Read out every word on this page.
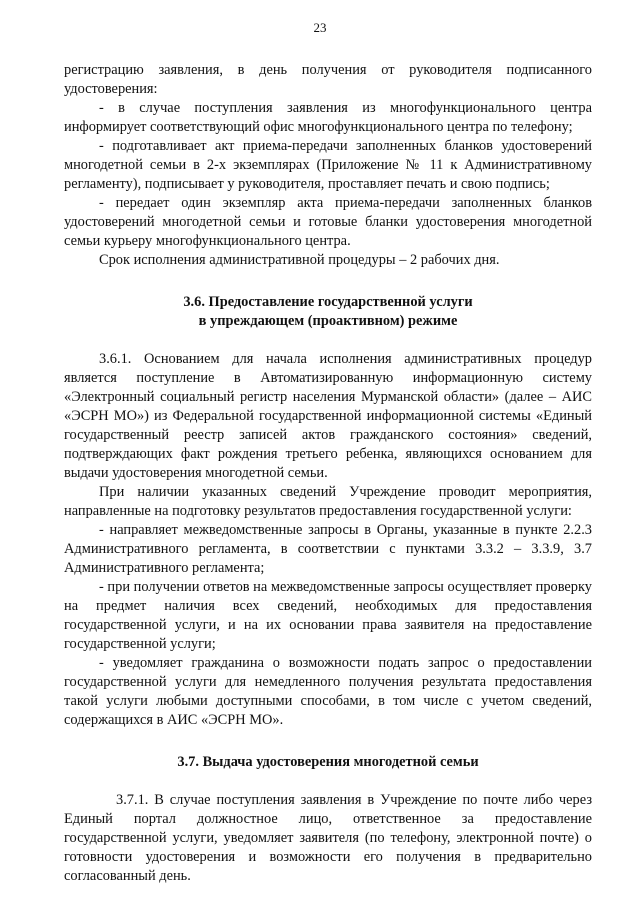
23

регистрацию заявления, в день получения от руководителя подписанного удостоверения:

- в случае поступления заявления из многофункционального центра информирует соответствующий офис многофункционального центра по телефону;

- подготавливает акт приема-передачи заполненных бланков удостоверений многодетной семьи в 2-х экземплярах (Приложение № 11 к Административному регламенту), подписывает у руководителя, проставляет печать и свою подпись;

- передает один экземпляр акта приема-передачи заполненных бланков удостоверений многодетной семьи и готовые бланки удостоверения многодетной семьи курьеру многофункционального центра.

Срок исполнения административной процедуры – 2 рабочих дня.

3.6. Предоставление государственной услуги

в упреждающем (проактивном) режиме

3.6.1. Основанием для начала исполнения административных процедур является поступление в Автоматизированную информационную систему «Электронный социальный регистр населения Мурманской области» (далее – АИС «ЭСРН МО») из Федеральной государственной информационной системы «Единый государственный реестр записей актов гражданского состояния» сведений, подтверждающих факт рождения третьего ребенка, являющихся основанием для выдачи удостоверения многодетной семьи.

При наличии указанных сведений Учреждение проводит мероприятия, направленные на подготовку результатов предоставления государственной услуги:

- направляет межведомственные запросы в Органы, указанные в пункте 2.2.3 Административного регламента, в соответствии с пунктами 3.3.2 – 3.3.9, 3.7 Административного регламента;

- при получении ответов на межведомственные запросы осуществляет проверку на предмет наличия всех сведений, необходимых для предоставления государственной услуги, и на их основании права заявителя на предоставление государственной услуги;

- уведомляет гражданина о возможности подать запрос о предоставлении государственной услуги для немедленного получения результата предоставления такой услуги любыми доступными способами, в том числе с учетом сведений, содержащихся в АИС «ЭСРН МО».

3.7. Выдача удостоверения многодетной семьи

3.7.1. В случае поступления заявления в Учреждение по почте либо через Единый портал должностное лицо, ответственное за предоставление государственной услуги, уведомляет заявителя (по телефону, электронной почте) о готовности удостоверения и возможности его получения в предварительно согласованный день.
